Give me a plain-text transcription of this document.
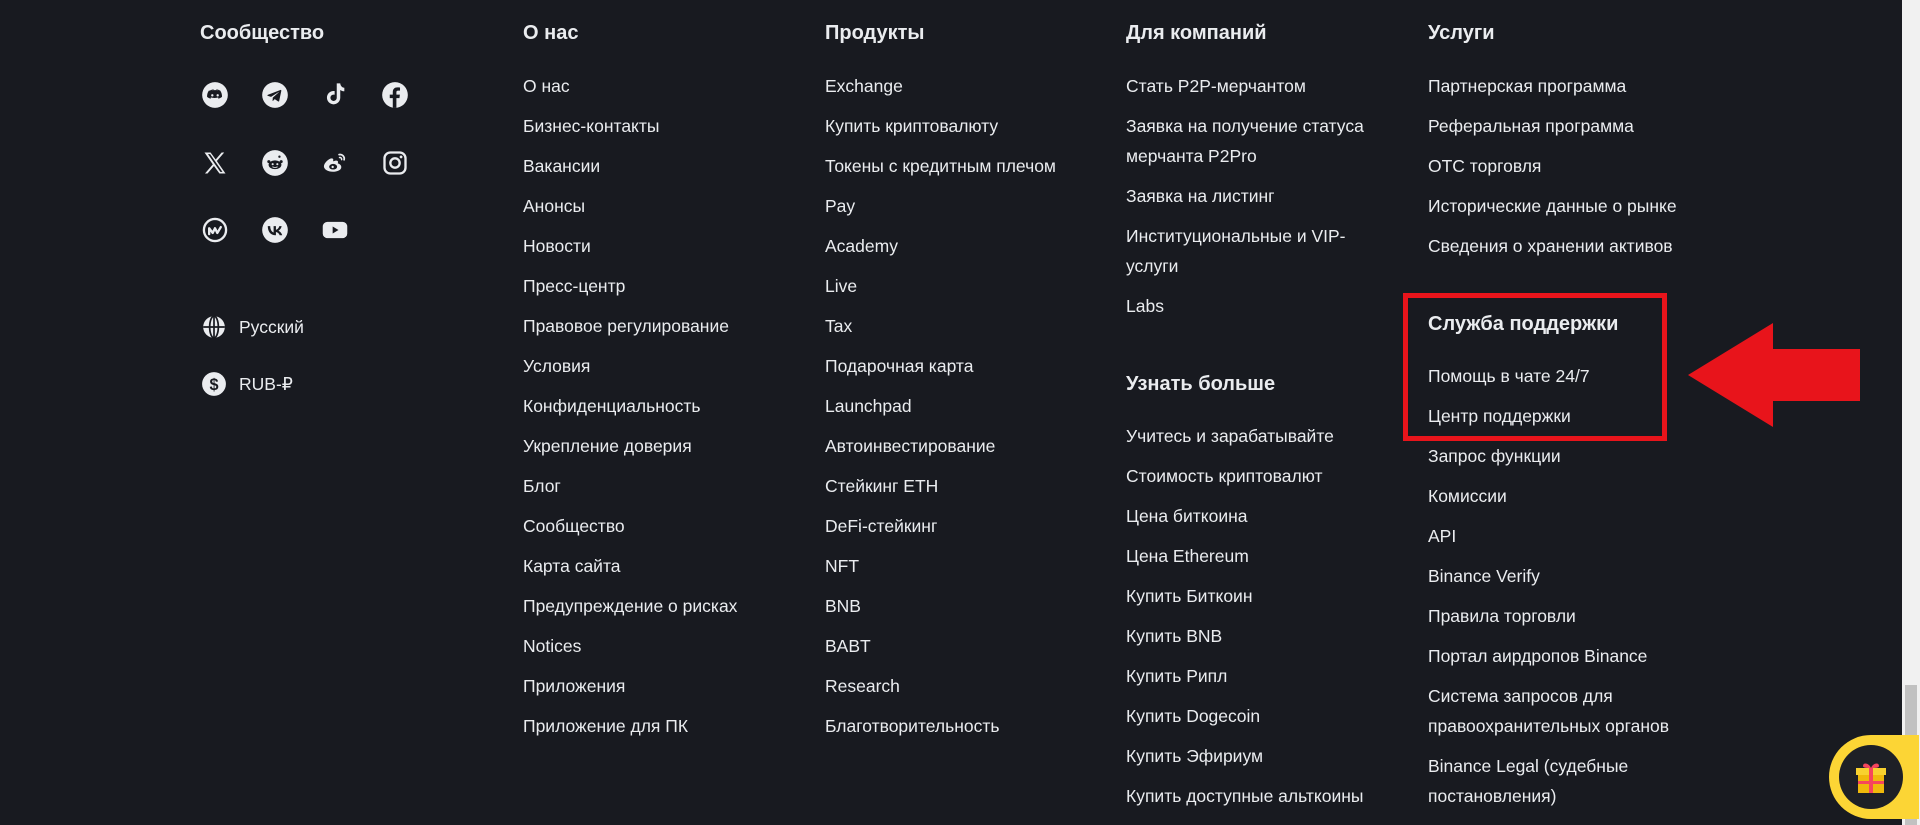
Сообщество
Русский
$ RUB-₽
О нас
О нас
Бизнес-контакты
Вакансии
Анонсы
Новости
Пресс-центр
Правовое регулирование
Условия
Конфиденциальность
Укрепление доверия
Блог
Сообщество
Карта сайта
Предупреждение о рисках
Notices
Приложения
Приложение для ПК
Продукты
Exchange
Купить криптовалюту
Токены с кредитным плечом
Pay
Academy
Live
Tax
Подарочная карта
Launchpad
Автоинвестирование
Стейкинг ETH
DeFi-стейкинг
NFT
BNB
BABT
Research
Благотворительность
Для компаний
Стать P2P-мерчантом
Заявка на получение статуса мерчанта P2Pro
Заявка на листинг
Институциональные и VIP-услуги
Labs
Узнать больше
Учитесь и зарабатывайте
Стоимость криптовалют
Цена биткоина
Цена Ethereum
Купить Биткоин
Купить BNB
Купить Рипл
Купить Dogecoin
Купить Эфириум
Купить доступные альткоины
Услуги
Партнерская программа
Реферальная программа
OTC торговля
Исторические данные о рынке
Сведения о хранении активов
Служба поддержки
Помощь в чате 24/7
Центр поддержки
Запрос функции
Комиссии
API
Binance Verify
Правила торговли
Портал аирдропов Binance
Система запросов для правоохранительных органов
Binance Legal (судебные постановления)
